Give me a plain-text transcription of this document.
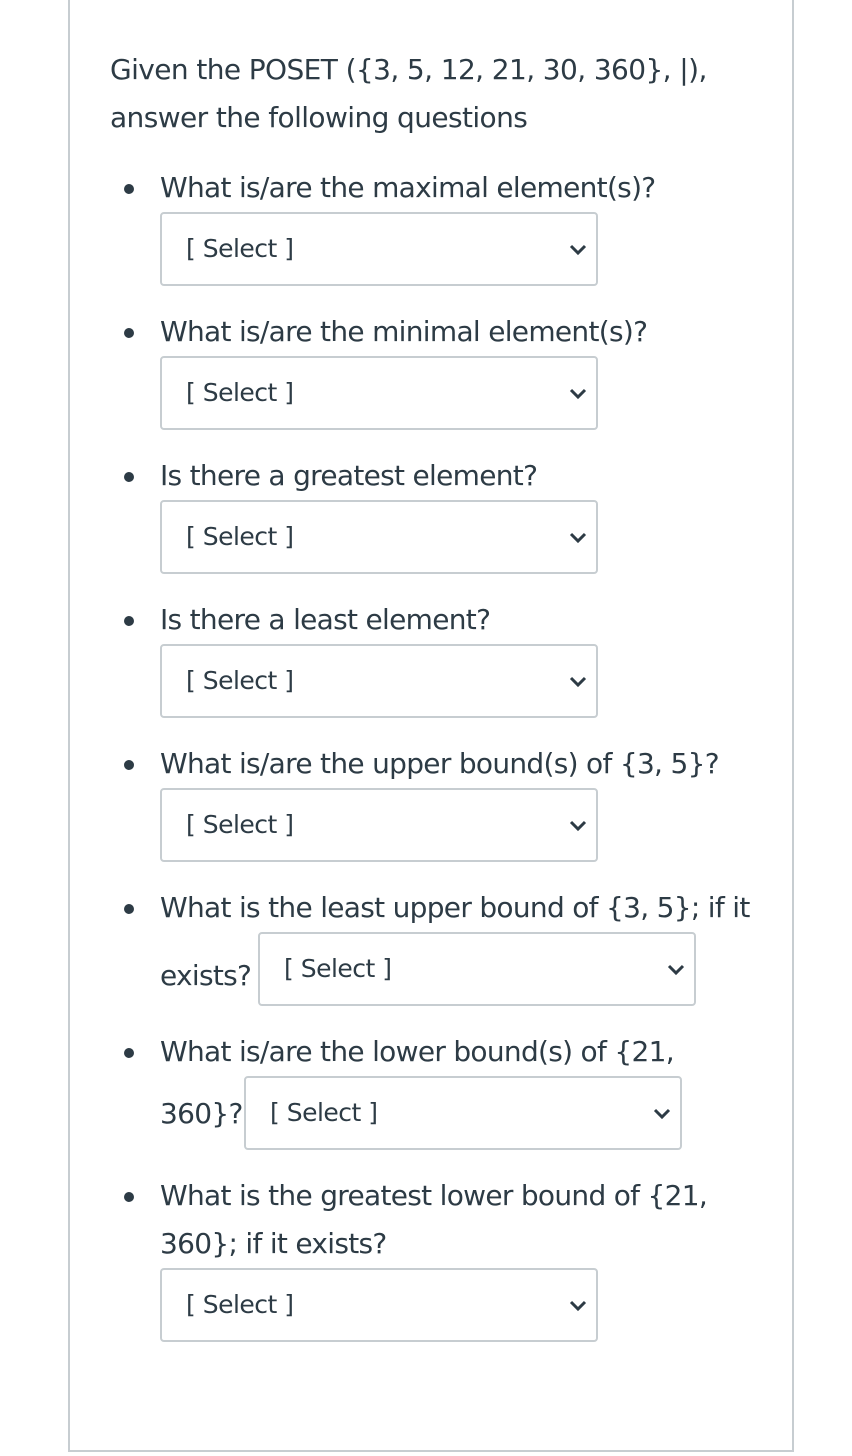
Given the POSET ({3, 5, 12, 21, 30, 360}, |),
answer the following questions
What is/are the maximal element(s)?
[ Select ]
What is/are the minimal element(s)?
[ Select ]
Is there a greatest element?
[ Select ]
Is there a least element?
[ Select ]
What is/are the upper bound(s) of {3, 5}?
[ Select ]
What is the least upper bound of {3, 5}; if it
exists? [ Select ]
What is/are the lower bound(s) of {21,
360}? [ Select ]
What is the greatest lower bound of {21,
360}; if it exists?
[ Select ]
